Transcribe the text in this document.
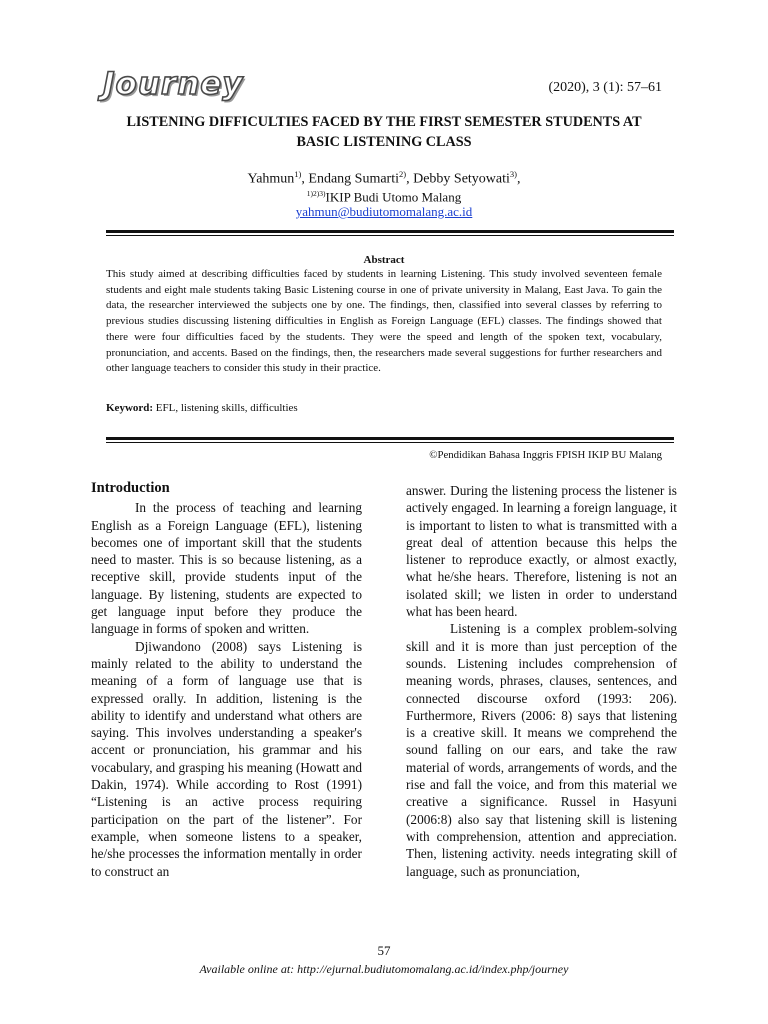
Journey	(2020), 3 (1): 57–61
LISTENING DIFFICULTIES FACED BY THE FIRST SEMESTER STUDENTS AT
BASIC LISTENING CLASS
Yahmun$^{1)}$, Endang Sumarti$^{2)}$, Debby Setyowati$^{3)}$,
$^{1)2)3)}$IKIP Budi Utomo Malang
yahmun@budiutomomalang.ac.id
Abstract
This study aimed at describing difficulties faced by students in learning Listening. This study involved seventeen female students and eight male students taking Basic Listening course in one of private university in Malang, East Java. To gain the data, the researcher interviewed the subjects one by one. The findings, then, classified into several classes by referring to previous studies discussing listening difficulties in English as Foreign Language (EFL) classes. The findings showed that there were four difficulties faced by the students. They were the speed and length of the spoken text, vocabulary, pronunciation, and accents. Based on the findings, then, the researchers made several suggestions for further researchers and other language teachers to consider this study in their practice.
Keyword: EFL, listening skills, difficulties
©Pendidikan Bahasa Inggris FPISH IKIP BU Malang
Introduction

In the process of teaching and learning English as a Foreign Language (EFL), listening becomes one of important skill that the students need to master. This is so because listening, as a receptive skill, provide students input of the language. By listening, students are expected to get language input before they produce the language in forms of spoken and written.

Djiwandono (2008) says Listening is mainly related to the ability to understand the meaning of a form of language use that is expressed orally. In addition, listening is the ability to identify and understand what others are saying. This involves understanding a speaker's accent or pronunciation, his grammar and his vocabulary, and grasping his meaning (Howatt and Dakin, 1974). While according to Rost (1991) “Listening is an active process requiring participation on the part of the listener”. For example, when someone listens to a speaker, he/she processes the information mentally in order to construct an

answer. During the listening process the listener is actively engaged. In learning a foreign language, it is important to listen to what is transmitted with a great deal of attention because this helps the listener to reproduce exactly, or almost exactly, what he/she hears. Therefore, listening is not an isolated skill; we listen in order to understand what has been heard.

Listening is a complex problem-solving skill and it is more than just perception of the sounds. Listening includes comprehension of meaning words, phrases, clauses, sentences, and connected discourse oxford (1993: 206). Furthermore, Rivers (2006: 8) says that listening is a creative skill. It means we comprehend the sound falling on our ears, and take the raw material of words, arrangements of words, and the rise and fall the voice, and from this material we creative a significance. Russel in Hasyuni (2006:8) also say that listening skill is listening with comprehension, attention and appreciation. Then, listening activity. needs integrating skill of language, such as pronunciation,

57
Available online at: http://ejurnal.budiutomomalang.ac.id/index.php/journey
